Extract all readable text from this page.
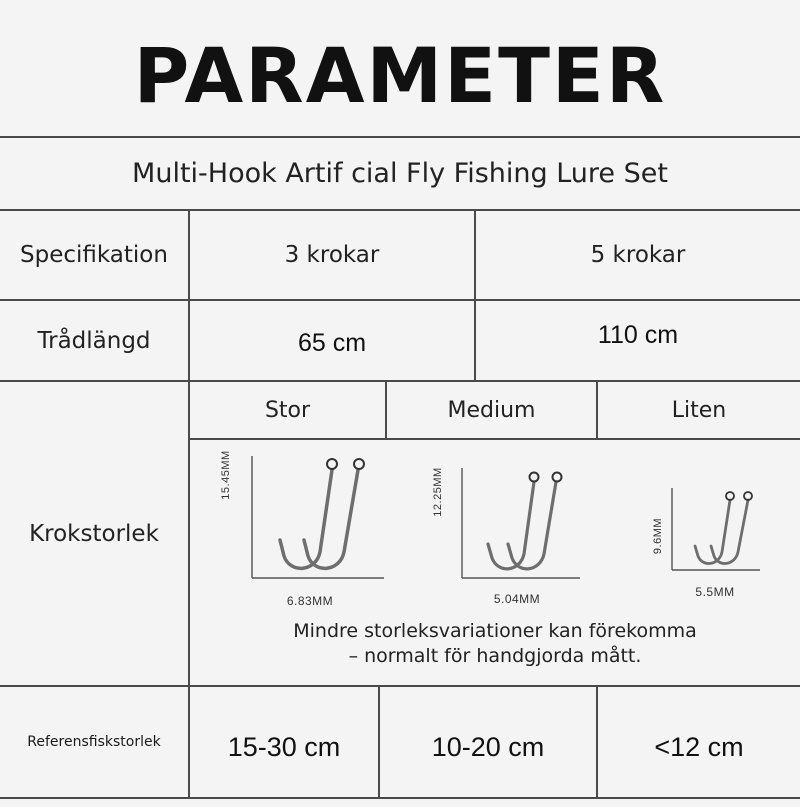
PARAMETER
Multi-Hook Artif cial Fly Fishing Lure Set
Specifikation	3 krokar	5 krokar
Trådlängd	65 cm	110 cm
Krokstorlek
Stor	Medium	Liten
15.45MM
6.83MM
12.25MM
5.04MM
9.6MM
5.5MM
Mindre storleksvariationer kan förekomma
– normalt för handgjorda mått.
Referensfiskstorlek	15-30 cm	10-20 cm	<12 cm
